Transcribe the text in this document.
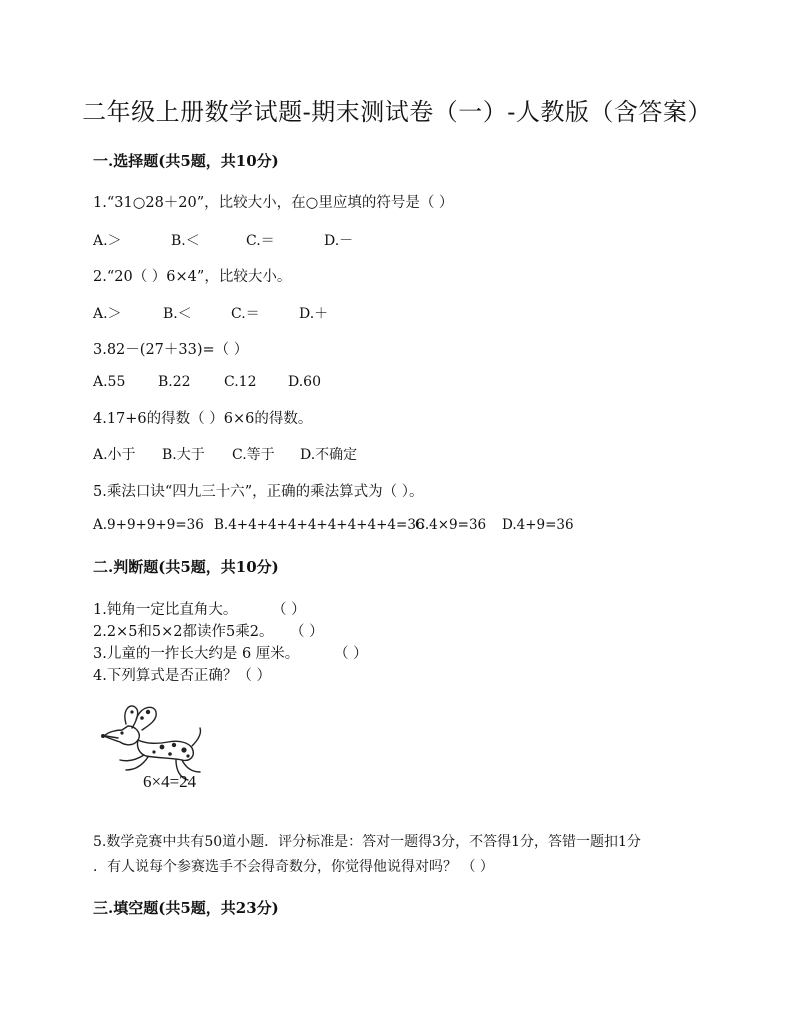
二年级上册数学试题-期末测试卷（一）-人教版（含答案）
一.选择题(共5题，共10分)
1.“31○28＋20”，比较大小，在○里应填的符号是（ ）
A.＞	B.＜	C.＝	D.－
2.“20（ ）6×4”，比较大小。
A.＞	B.＜	C.＝	D.＋
3.82－(27＋33)=（ ）
A.55 B.22 C.12 D.60
4.17+6的得数（ ）6×6的得数。
A.小于 B.大于 C.等于 D.不确定
5.乘法口诀“四九三十六”，正确的乘法算式为（ ）。
A.9+9+9+9=36 B.4+4+4+4+4+4+4+4+4=36
C.4×9=36 D.4+9=36
二.判断题(共5题，共10分)
1.钝角一定比直角大。 （ ）
2.2×5和5×2都读作5乘2。 （ ）
3.儿童的一拃长大约是 6 厘米。 （ ）
4.下列算式是否正确？（ ）
6×4=24
5.数学竞赛中共有50道小题．评分标准是：答对一题得3分，不答得1分，答错一题扣1分
．有人说每个参赛选手不会得奇数分，你觉得他说得对吗？ （ ）
三.填空题(共5题，共23分)
